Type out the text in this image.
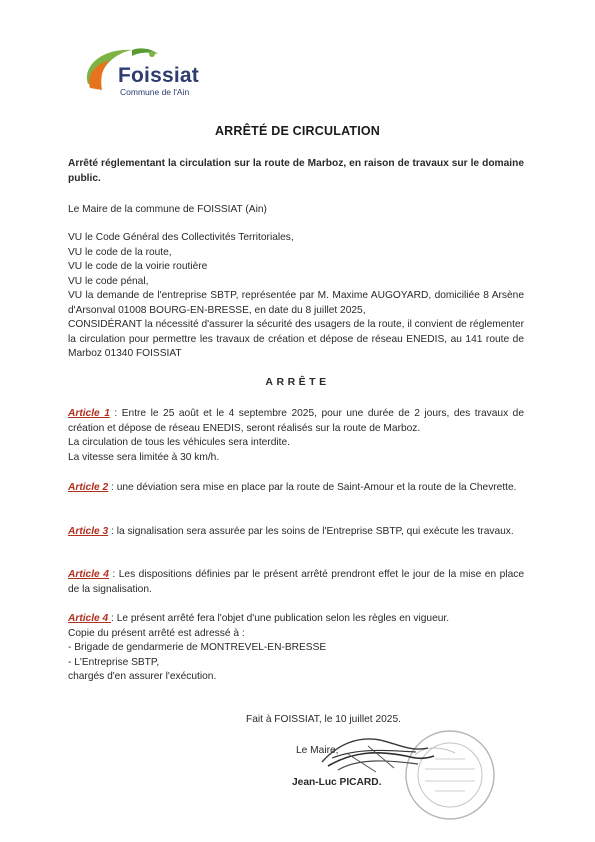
Foissiat
Commune de l'Ain
ARRÊTÉ DE CIRCULATION
Arrêté réglementant la circulation sur la route de Marboz, en raison de travaux sur le domaine public.
Le Maire de la commune de FOISSIAT (Ain)
VU le Code Général des Collectivités Territoriales,
VU le code de la route,
VU le code de la voirie routière
VU le code pénal,
VU la demande de l'entreprise SBTP, représentée par M. Maxime AUGOYARD, domiciliée 8 Arsène d'Arsonval 01008 BOURG-EN-BRESSE, en date du 8 juillet 2025,
CONSIDÉRANT la nécessité d'assurer la sécurité des usagers de la route, il convient de réglementer la circulation pour permettre les travaux de création et dépose de réseau ENEDIS, au 141 route de Marboz 01340 FOISSIAT
ARRÊTE
Article 1 : Entre le 25 août et le 4 septembre 2025, pour une durée de 2 jours, des travaux de création et dépose de réseau ENEDIS, seront réalisés sur la route de Marboz.
La circulation de tous les véhicules sera interdite.
La vitesse sera limitée à 30 km/h.
Article 2 : une déviation sera mise en place par la route de Saint-Amour et la route de la Chevrette.
Article 3 : la signalisation sera assurée par les soins de l'Entreprise SBTP, qui exécute les travaux.
Article 4 : Les dispositions définies par le présent arrêté prendront effet le jour de la mise en place de la signalisation.
Article 4 : Le présent arrêté fera l'objet d'une publication selon les règles en vigueur.
Copie du présent arrêté est adressé à :
- Brigade de gendarmerie de MONTREVEL-EN-BRESSE
- L'Entreprise SBTP,
chargés d'en assurer l'exécution.
Fait à FOISSIAT, le 10 juillet 2025.
Le Maire,
Jean-Luc PICARD.
